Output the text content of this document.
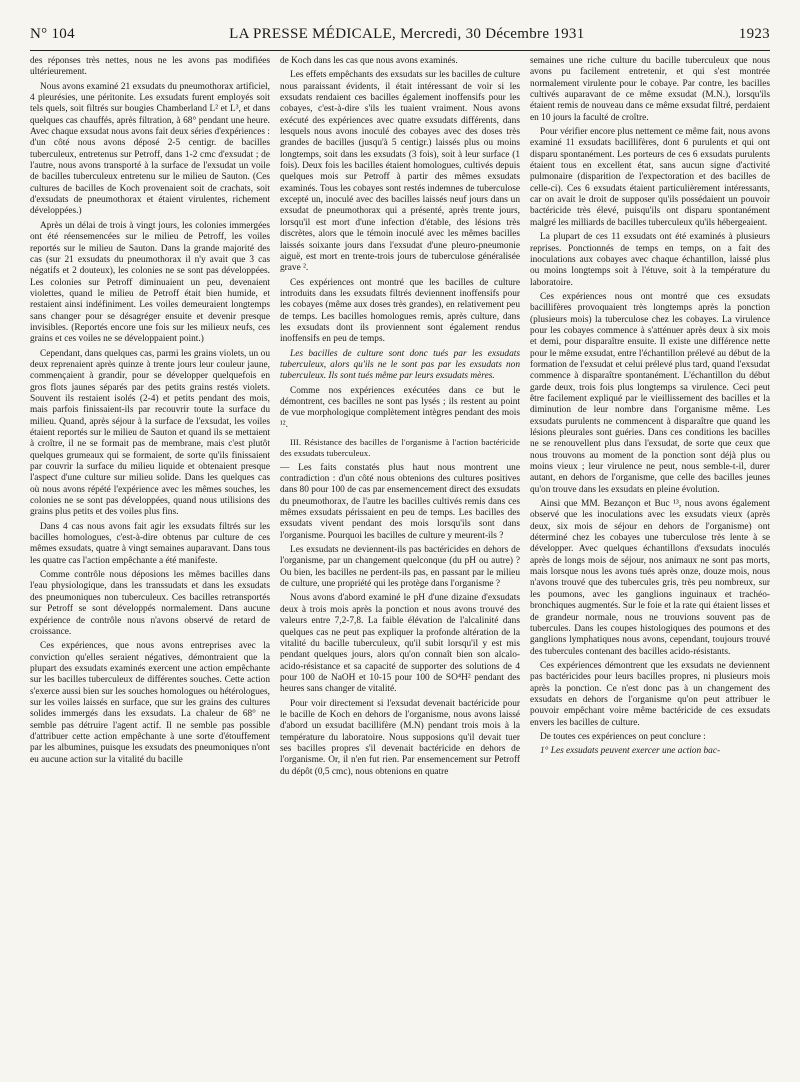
N° 104	LA PRESSE MÉDICALE, Mercredi, 30 Décembre 1931	1923

des réponses très nettes, nous ne les avons pas modifiées ultérieurement.

Nous avons examiné 21 exsudats du pneumothorax artificiel, 4 pleurésies, une péritonite. Les exsudats furent employés soit tels quels, soit filtrés sur bougies Chamberland L² et L³, et dans quelques cas chauffés, après filtration, à 68° pendant une heure. Avec chaque exsudat nous avons fait deux séries d'expériences : d'un côté nous avons déposé 2-5 centigr. de bacilles tuberculeux, entretenus sur Petroff, dans 1-2 cmc d'exsudat ; de l'autre, nous avons transporté à la surface de l'exsudat un voile de bacilles tuberculeux entretenu sur le milieu de Sauton. (Ces cultures de bacilles de Koch provenaient soit de crachats, soit d'exsudats de pneumothorax et étaient virulentes, richement développées.)

Après un délai de trois à vingt jours, les colonies immergées ont été réensemencées sur le milieu de Petroff, les voiles reportés sur le milieu de Sauton. Dans la grande majorité des cas (sur 21 exsudats du pneumothorax il n'y avait que 3 cas négatifs et 2 douteux), les colonies ne se sont pas développées. Les colonies sur Petroff diminuaient un peu, devenaient violettes, quand le milieu de Petroff était bien humide, et restaient ainsi indéfiniment. Les voiles demeuraient longtemps sans changer pour se désagréger ensuite et devenir presque invisibles. (Reportés encore une fois sur les milieux neufs, ces grains et ces voiles ne se développaient point.)

Cependant, dans quelques cas, parmi les grains violets, un ou deux reprenaient après quinze à trente jours leur couleur jaune, commençaient à grandir, pour se développer quelquefois en gros flots jaunes séparés par des petits grains restés violets. Souvent ils restaient isolés (2-4) et petits pendant des mois, mais parfois finissaient-ils par recouvrir toute la surface du milieu. Quand, après séjour à la surface de l'exsudat, les voiles étaient reportés sur le milieu de Sauton et quand ils se mettaient à croître, il ne se formait pas de membrane, mais c'est plutôt quelques grumeaux qui se formaient, de sorte qu'ils finissaient par couvrir la surface du milieu liquide et obtenaient presque l'aspect d'une culture sur milieu solide. Dans les quelques cas où nous avons répété l'expérience avec les mêmes souches, les colonies ne se sont pas développées, quand nous utilisions des grains plus petits et des voiles plus fins.

Dans 4 cas nous avons fait agir les exsudats filtrés sur les bacilles homologues, c'est-à-dire obtenus par culture de ces mêmes exsudats, quatre à vingt semaines auparavant. Dans tous les quatre cas l'action empêchante a été manifeste.

Comme contrôle nous déposions les mêmes bacilles dans l'eau physiologique, dans les transsudats et dans les exsudats des pneumoniques non tuberculeux. Ces bacilles retransportés sur Petroff se sont développés normalement. Dans aucune expérience de contrôle nous n'avons observé de retard de croissance.

Ces expériences, que nous avons entreprises avec la conviction qu'elles seraient négatives, démontraient que la plupart des exsudats examinés exercent une action empêchante sur les bacilles tuberculeux de différentes souches. Cette action s'exerce aussi bien sur les souches homologues ou hétérologues, sur les voiles laissés en surface, que sur les grains des cultures solides immergés dans les exsudats. La chaleur de 68° ne semble pas détruire l'agent actif. Il ne semble pas possible d'attribuer cette action empêchante à une sorte d'étouffement par les albumines, puisque les exsudats des pneumoniques n'ont eu aucune action sur la vitalité du bacille

de Koch dans les cas que nous avons examinés.

Les effets empêchants des exsudats sur les bacilles de culture nous paraissant évidents, il était intéressant de voir si les exsudats rendaient ces bacilles également inoffensifs pour les cobayes, c'est-à-dire s'ils les tuaient vraiment. Nous avons exécuté des expériences avec quatre exsudats différents, dans lesquels nous avons inoculé des cobayes avec des doses très grandes de bacilles (jusqu'à 5 centigr.) laissés plus ou moins longtemps, soit dans les exsudats (3 fois), soit à leur surface (1 fois). Deux fois les bacilles étaient homologues, cultivés depuis quelques mois sur Petroff à partir des mêmes exsudats examinés. Tous les cobayes sont restés indemnes de tuberculose excepté un, inoculé avec des bacilles laissés neuf jours dans un exsudat de pneumothorax qui a présenté, après trente jours, lorsqu'il est mort d'une infection d'étable, des lésions très discrètes, alors que le témoin inoculé avec les mêmes bacilles laissés soixante jours dans l'exsudat d'une pleuro-pneumonie aiguë, est mort en trente-trois jours de tuberculose généralisée grave ².

Ces expériences ont montré que les bacilles de culture introduits dans les exsudats filtrés deviennent inoffensifs pour les cobayes (même aux doses très grandes), en relativement peu de temps. Les bacilles homologues remis, après culture, dans les exsudats dont ils proviennent sont également rendus inoffensifs en peu de temps.

Les bacilles de culture sont donc tués par les exsudats tuberculeux, alors qu'ils ne le sont pas par les exsudats non tuberculeux. Ils sont tués même par leurs exsudats mères.

Comme nos expériences exécutées dans ce but le démontrent, ces bacilles ne sont pas lysés ; ils restent au point de vue morphologique complètement intègres pendant des mois ¹².

III. Résistance des bacilles de l'organisme à l'action bactéricide des exsudats tuberculeux.

— Les faits constatés plus haut nous montrent une contradiction : d'un côté nous obtenions des cultures positives dans 80 pour 100 de cas par ensemencement direct des exsudats du pneumothorax, de l'autre les bacilles cultivés remis dans ces mêmes exsudats périssaient en peu de temps. Les bacilles des exsudats vivent pendant des mois lorsqu'ils sont dans l'organisme. Pourquoi les bacilles de culture y meurent-ils ?

Les exsudats ne deviennent-ils pas bactéricides en dehors de l'organisme, par un changement quelconque (du pH ou autre) ? Ou bien, les bacilles ne perdent-ils pas, en passant par le milieu de culture, une propriété qui les protège dans l'organisme ?

Nous avons d'abord examiné le pH d'une dizaine d'exsudats deux à trois mois après la ponction et nous avons trouvé des valeurs entre 7,2-7,8. La faible élévation de l'alcalinité dans quelques cas ne peut pas expliquer la profonde altération de la vitalité du bacille tuberculeux, qu'il subit lorsqu'il y est mis pendant quelques jours, alors qu'on connaît bien son alcalo-acido-résistance et sa capacité de supporter des solutions de 4 pour 100 de NaOH et 10-15 pour 100 de SO⁴H² pendant des heures sans changer de vitalité.

Pour voir directement si l'exsudat devenait bactéricide pour le bacille de Koch en dehors de l'organisme, nous avons laissé d'abord un exsudat bacillifère (M.N) pendant trois mois à la température du laboratoire. Nous supposions qu'il devait tuer ses bacilles propres s'il devenait bactéricide en dehors de l'organisme. Or, il n'en fut rien. Par ensemencement sur Petroff du dépôt (0,5 cmc), nous obtenions en quatre

semaines une riche culture du bacille tuberculeux que nous avons pu facilement entretenir, et qui s'est montrée normalement virulente pour le cobaye. Par contre, les bacilles cultivés auparavant de ce même exsudat (M.N.), lorsqu'ils étaient remis de nouveau dans ce même exsudat filtré, perdaient en 10 jours la faculté de croître.

Pour vérifier encore plus nettement ce même fait, nous avons examiné 11 exsudats bacillifères, dont 6 purulents et qui ont disparu spontanément. Les porteurs de ces 6 exsudats purulents étaient tous en excellent état, sans aucun signe d'activité pulmonaire (disparition de l'expectoration et des bacilles de celle-ci). Ces 6 exsudats étaient particulièrement intéressants, car on avait le droit de supposer qu'ils possédaient un pouvoir bactéricide très élevé, puisqu'ils ont disparu spontanément malgré les milliards de bacilles tuberculeux qu'ils hébergeaient.

La plupart de ces 11 exsudats ont été examinés à plusieurs reprises. Ponctionnés de temps en temps, on a fait des inoculations aux cobayes avec chaque échantillon, laissé plus ou moins longtemps soit à l'étuve, soit à la température du laboratoire.

Ces expériences nous ont montré que ces exsudats bacillifères provoquaient très longtemps après la ponction (plusieurs mois) la tuberculose chez les cobayes. La virulence pour les cobayes commence à s'atténuer après deux à six mois et demi, pour disparaître ensuite. Il existe une différence nette pour le même exsudat, entre l'échantillon prélevé au début de la formation de l'exsudat et celui prélevé plus tard, quand l'exsudat commence à disparaître spontanément. L'échantillon du début garde deux, trois fois plus longtemps sa virulence. Ceci peut être facilement expliqué par le vieillissement des bacilles et la diminution de leur nombre dans l'organisme même. Les exsudats purulents ne commencent à disparaître que quand les lésions pleurales sont guéries. Dans ces conditions les bacilles ne se renouvellent plus dans l'exsudat, de sorte que ceux que nous trouvons au moment de la ponction sont déjà plus ou moins vieux ; leur virulence ne peut, nous semble-t-il, durer autant, en dehors de l'organisme, que celle des bacilles jeunes qu'on trouve dans les exsudats en pleine évolution.

Ainsi que MM. Bezançon et Buc ¹³, nous avons également observé que les inoculations avec les exsudats vieux (après deux, six mois de séjour en dehors de l'organisme) ont déterminé chez les cobayes une tuberculose très lente à se développer. Avec quelques échantillons d'exsudats inoculés après de longs mois de séjour, nos animaux ne sont pas morts, mais lorsque nous les avons tués après onze, douze mois, nous n'avons trouvé que des tubercules gris, très peu nombreux, sur les poumons, avec les ganglions inguinaux et trachéo-bronchiques augmentés. Sur le foie et la rate qui étaient lisses et de grandeur normale, nous ne trouvions souvent pas de tubercules. Dans les coupes histologiques des poumons et des ganglions lymphatiques nous avons, cependant, toujours trouvé des tubercules contenant des bacilles acido-résistants.

Ces expériences démontrent que les exsudats ne deviennent pas bactéricides pour leurs bacilles propres, ni plusieurs mois après la ponction. Ce n'est donc pas à un changement des exsudats en dehors de l'organisme qu'on peut attribuer le pouvoir empêchant voire même bactéricide de ces exsudats envers les bacilles de culture.

De toutes ces expériences on peut conclure :

1° Les exsudats peuvent exercer une action bac-
